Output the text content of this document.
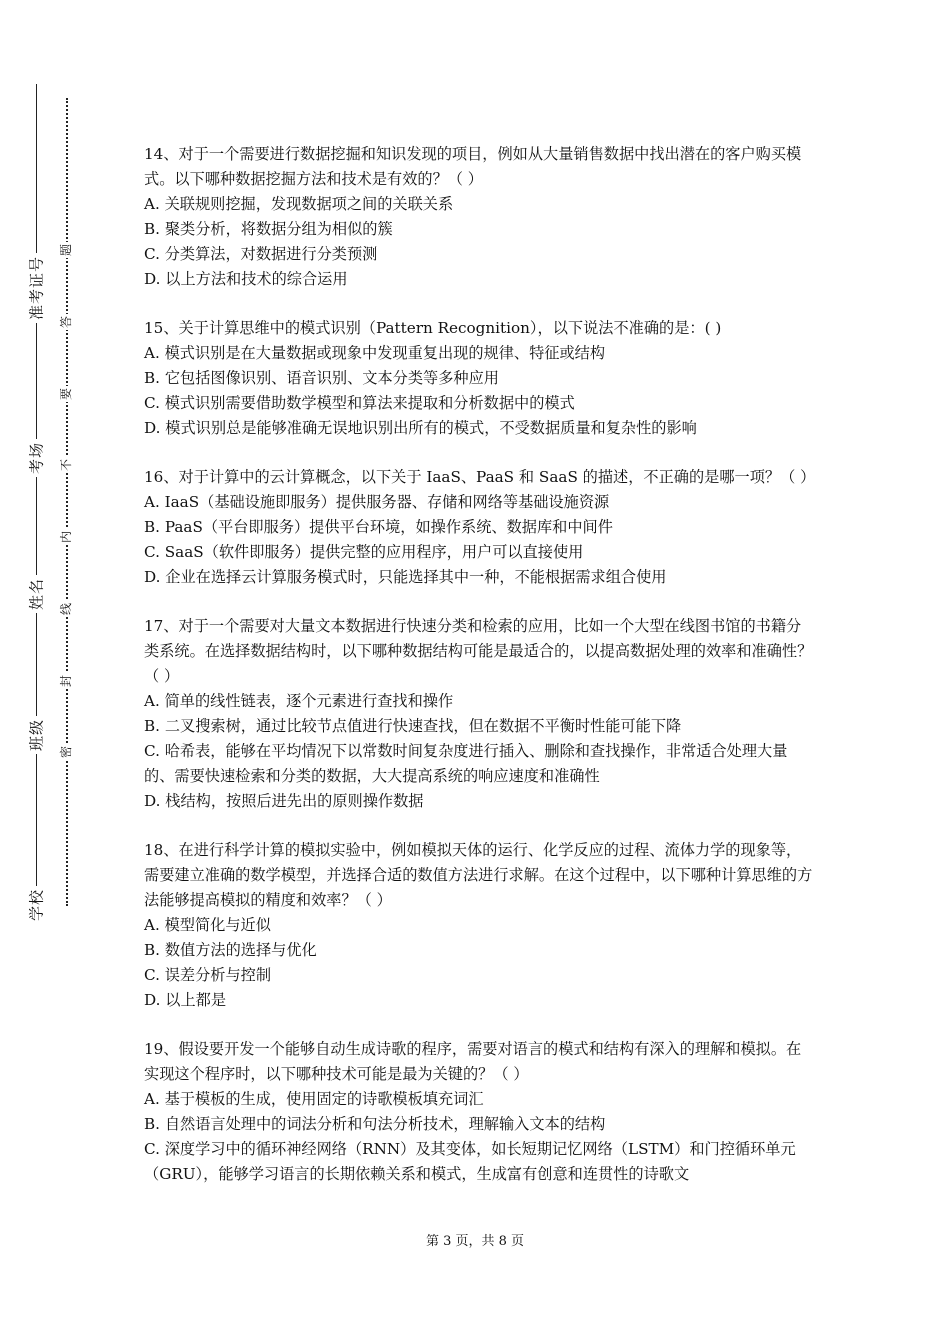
准考证号
考场
姓名
班级
学校
题
答
要
不
内
线
封
密

14、对于一个需要进行数据挖掘和知识发现的项目，例如从大量销售数据中找出潜在的客户购买模式。以下哪种数据挖掘方法和技术是有效的？（ ）

A. 关联规则挖掘，发现数据项之间的关联关系

B. 聚类分析，将数据分组为相似的簇

C. 分类算法，对数据进行分类预测

D. 以上方法和技术的综合运用

15、关于计算思维中的模式识别（Pattern Recognition），以下说法不准确的是：( )

A. 模式识别是在大量数据或现象中发现重复出现的规律、特征或结构

B. 它包括图像识别、语音识别、文本分类等多种应用

C. 模式识别需要借助数学模型和算法来提取和分析数据中的模式

D. 模式识别总是能够准确无误地识别出所有的模式，不受数据质量和复杂性的影响

16、对于计算中的云计算概念，以下关于 IaaS、PaaS 和 SaaS 的描述，不正确的是哪一项？（ ）

A. IaaS（基础设施即服务）提供服务器、存储和网络等基础设施资源

B. PaaS（平台即服务）提供平台环境，如操作系统、数据库和中间件

C. SaaS（软件即服务）提供完整的应用程序，用户可以直接使用

D. 企业在选择云计算服务模式时，只能选择其中一种，不能根据需求组合使用

17、对于一个需要对大量文本数据进行快速分类和检索的应用，比如一个大型在线图书馆的书籍分类系统。在选择数据结构时，以下哪种数据结构可能是最适合的，以提高数据处理的效率和准确性？（ ）

A. 简单的线性链表，逐个元素进行查找和操作

B. 二叉搜索树，通过比较节点值进行快速查找，但在数据不平衡时性能可能下降

C. 哈希表，能够在平均情况下以常数时间复杂度进行插入、删除和查找操作，非常适合处理大量的、需要快速检索和分类的数据，大大提高系统的响应速度和准确性

D. 栈结构，按照后进先出的原则操作数据

18、在进行科学计算的模拟实验中，例如模拟天体的运行、化学反应的过程、流体力学的现象等，需要建立准确的数学模型，并选择合适的数值方法进行求解。在这个过程中，以下哪种计算思维的方法能够提高模拟的精度和效率？（ ）

A. 模型简化与近似

B. 数值方法的选择与优化

C. 误差分析与控制

D. 以上都是

19、假设要开发一个能够自动生成诗歌的程序，需要对语言的模式和结构有深入的理解和模拟。在实现这个程序时，以下哪种技术可能是最为关键的？（ ）

A. 基于模板的生成，使用固定的诗歌模板填充词汇

B. 自然语言处理中的词法分析和句法分析技术，理解输入文本的结构

C. 深度学习中的循环神经网络（RNN）及其变体，如长短期记忆网络（LSTM）和门控循环单元（GRU），能够学习语言的长期依赖关系和模式，生成富有创意和连贯性的诗歌文

第 3 页，共 8 页
